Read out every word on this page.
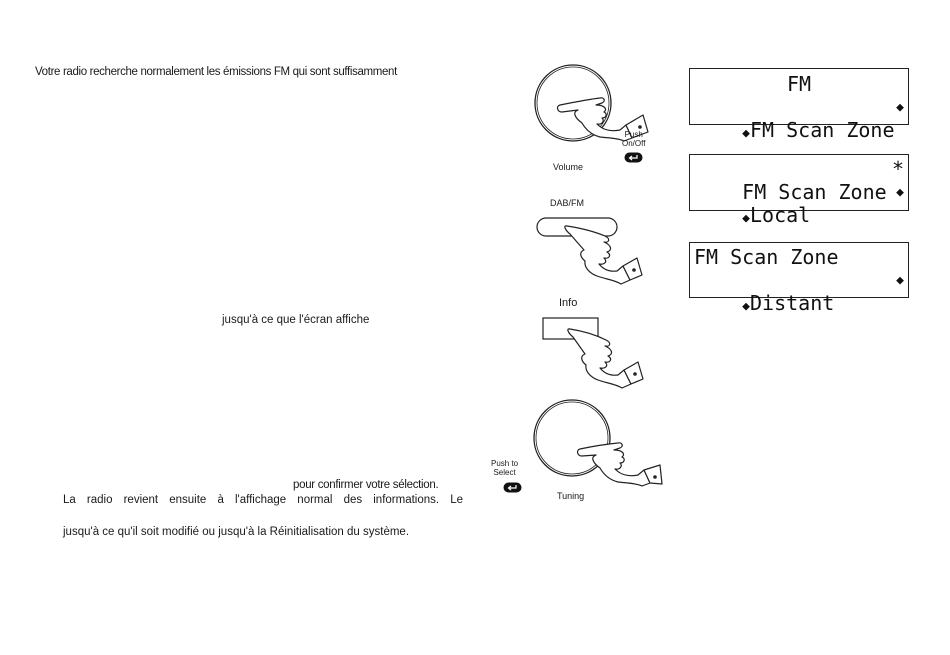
Votre radio recherche normalement les émissions FM qui sont suffisamment
jusqu'à ce que l'écran affiche
pour confirmer votre sélection.
La radio revient ensuite à l'affichage normal des informations. Le
jusqu'à ce qu'il soit modifié ou jusqu'à la Réinitialisation du système.
Volume
Push
On/Off
DAB/FM
Info
Tuning
Push to
Select
FM

◆FM Scan Zone

◆

FM Scan Zone

*

◆Local

◆

FM Scan Zone

◆Distant

◆
